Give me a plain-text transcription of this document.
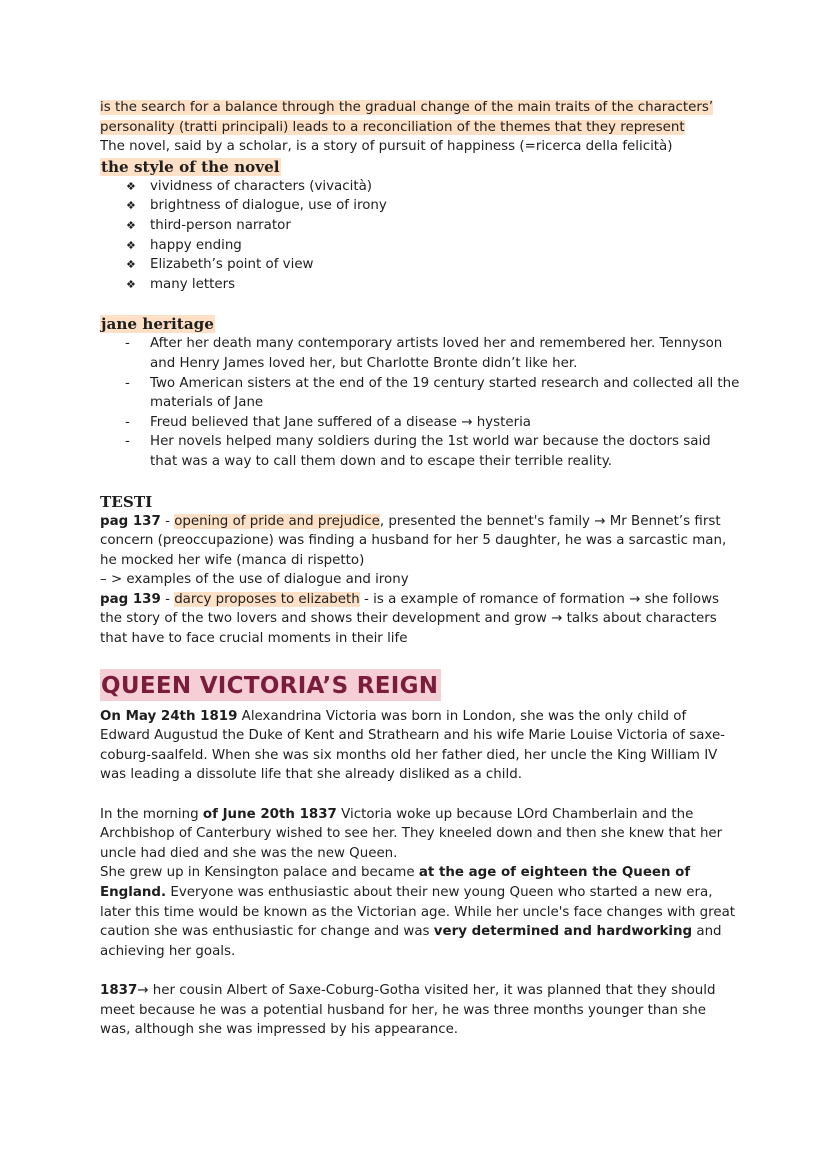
is the search for a balance through the gradual change of the main traits of the characters’

personality (tratti principali) leads to a reconciliation of the themes that they represent

The novel, said by a scholar, is a story of pursuit of happiness (=ricerca della felicità)

the style of the novel

❖ vividness of characters (vivacità)
❖ brightness of dialogue, use of irony
❖ third-person narrator
❖ happy ending
❖ Elizabeth’s point of view
❖ many letters

jane heritage

- After her death many contemporary artists loved her and remembered her. Tennyson and Henry James loved her, but Charlotte Bronte didn’t like her.
- Two American sisters at the end of the 19 century started research and collected all the materials of Jane
- Freud believed that Jane suffered of a disease → hysteria
- Her novels helped many soldiers during the 1st world war because the doctors said that was a way to call them down and to escape their terrible reality.

TESTI

pag 137 - opening of pride and prejudice, presented the bennet's family → Mr Bennet’s first concern (preoccupazione) was finding a husband for her 5 daughter, he was a sarcastic man, he mocked her wife (manca di rispetto)

– > examples of the use of dialogue and irony

pag 139 - darcy proposes to elizabeth - is a example of romance of formation → she follows the story of the two lovers and shows their development and grow → talks about characters that have to face crucial moments in their life

QUEEN VICTORIA’S REIGN

On May 24th 1819 Alexandrina Victoria was born in London, she was the only child of Edward Augustud the Duke of Kent and Strathearn and his wife Marie Louise Victoria of saxe-coburg-saalfeld. When she was six months old her father died, her uncle the King William IV was leading a dissolute life that she already disliked as a child.

In the morning of June 20th 1837 Victoria woke up because LOrd Chamberlain and the Archbishop of Canterbury wished to see her. They kneeled down and then she knew that her uncle had died and she was the new Queen.

She grew up in Kensington palace and became at the age of eighteen the Queen of England. Everyone was enthusiastic about their new young Queen who started a new era, later this time would be known as the Victorian age. While her uncle's face changes with great caution she was enthusiastic for change and was very determined and hardworking and achieving her goals.

1837→ her cousin Albert of Saxe-Coburg-Gotha visited her, it was planned that they should meet because he was a potential husband for her, he was three months younger than she was, although she was impressed by his appearance.
